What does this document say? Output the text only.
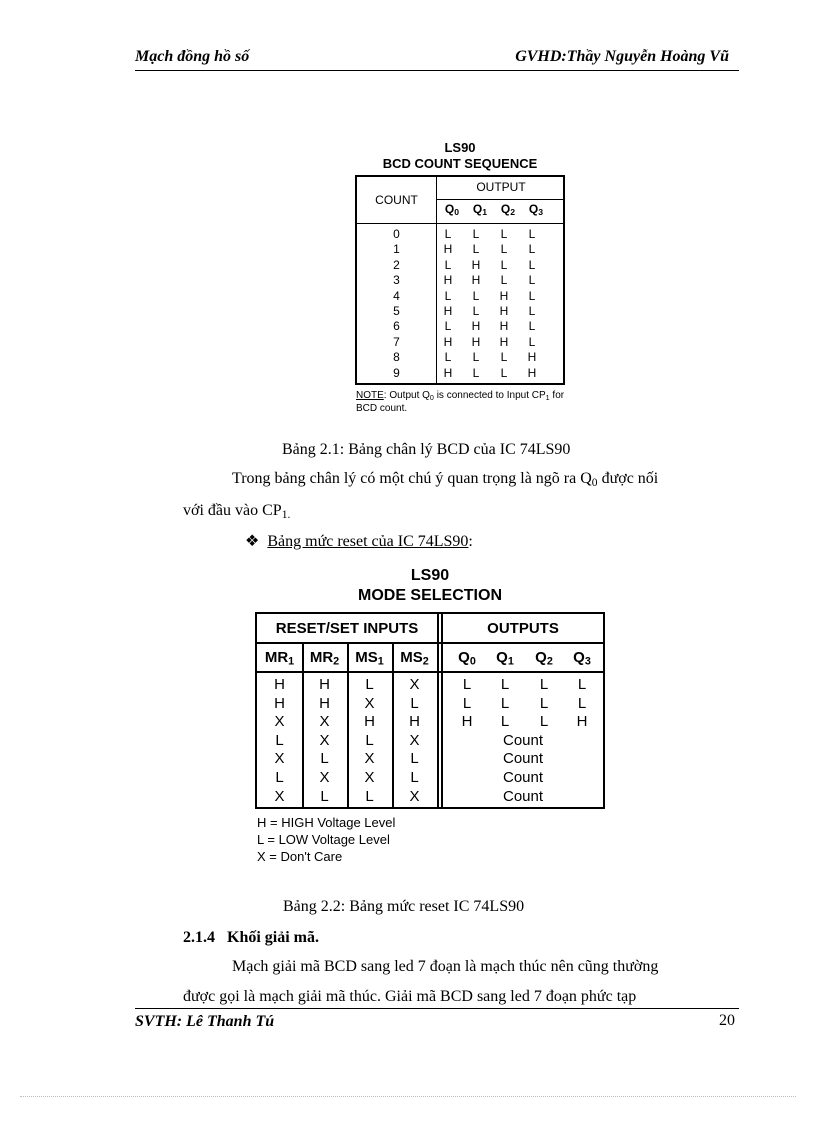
Mạch đồng hồ số	GVHD:Thầy Nguyễn Hoàng Vũ
LS90
BCD COUNT SEQUENCE
COUNT
OUTPUT
$Q_0$	$Q_1$	$Q_2$	$Q_3$
0	L	L	L	L
1	H	L	L	L
2	L	H	L	L
3	H	H	L	L
4	L	L	H	L
5	H	L	H	L
6	L	H	H	L
7	H	H	H	L
8	L	L	L	H
9	H	L	L	H
NOTE: Output $Q_0$ is connected to Input $CP_1$ for BCD count.
Bảng 2.1: Bảng chân lý BCD của IC 74LS90
Trong bảng chân lý có một chú ý quan trọng là ngõ ra $Q_0$ được nối
với đầu vào $CP_{1.}$
❖ Bảng mức reset của IC 74LS90:
LS90
MODE SELECTION
RESET/SET INPUTS	OUTPUTS
$MR_1$	$MR_2$	$MS_1$	$MS_2$	$Q_0$	$Q_1$	$Q_2$	$Q_3$
H	H	L	X	L	L	L	L
H	H	X	L	L	L	L	L
X	X	H	H	H	L	L	H
L	X	L	X	Count
X	L	X	L	Count
L	X	X	L	Count
X	L	L	X	Count
H = HIGH Voltage Level
L = LOW Voltage Level
X = Don't Care
Bảng 2.2: Bảng mức reset IC 74LS90
2.1.4 Khối giải mã.
Mạch giải mã BCD sang led 7 đoạn là mạch thúc nên cũng thường
được gọi là mạch giải mã thúc. Giải mã BCD sang led 7 đoạn phức tạp
SVTH: Lê Thanh Tú	20
